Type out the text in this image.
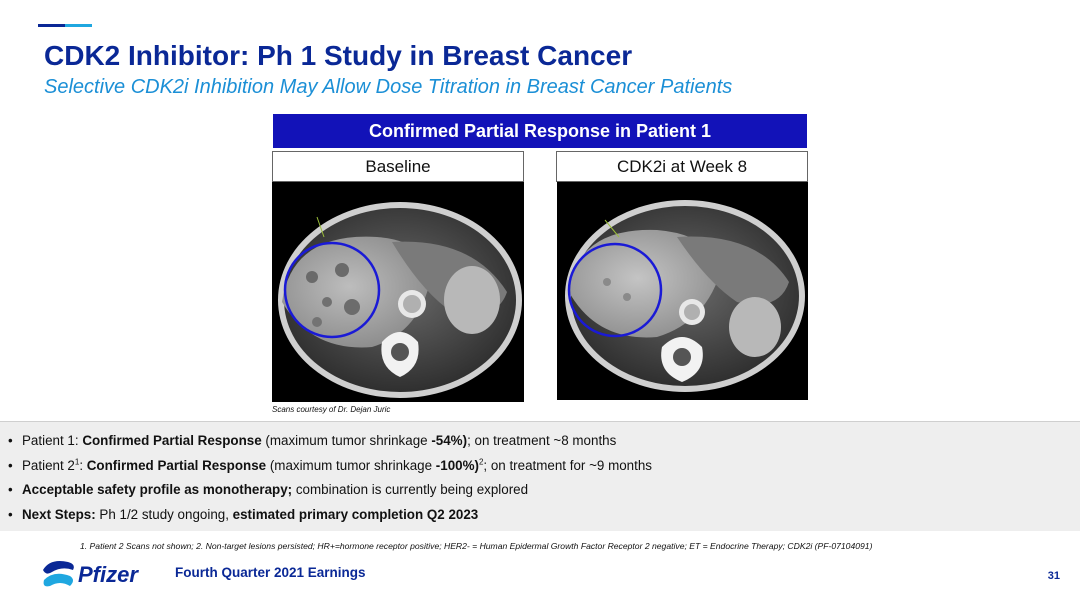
CDK2 Inhibitor: Ph 1 Study in Breast Cancer
Selective CDK2i Inhibition May Allow Dose Titration in Breast Cancer Patients
Confirmed Partial Response in Patient 1
Baseline	CDK2i at Week 8
Scans courtesy of Dr. Dejan Juric
• Patient 1: Confirmed Partial Response (maximum tumor shrinkage -54%); on treatment ~8 months
• Patient $2^1$: Confirmed Partial Response (maximum tumor shrinkage -100%)$^2$; on treatment for ~9 months
• Acceptable safety profile as monotherapy; combination is currently being explored
• Next Steps: Ph 1/2 study ongoing, estimated primary completion Q2 2023
1. Patient 2 Scans not shown; 2. Non-target lesions persisted; HR+=hormone receptor positive; HER2- = Human Epidermal Growth Factor Receptor 2 negative; ET = Endocrine Therapy; CDK2i (PF-07104091)
Pfizer	Fourth Quarter 2021 Earnings	31
